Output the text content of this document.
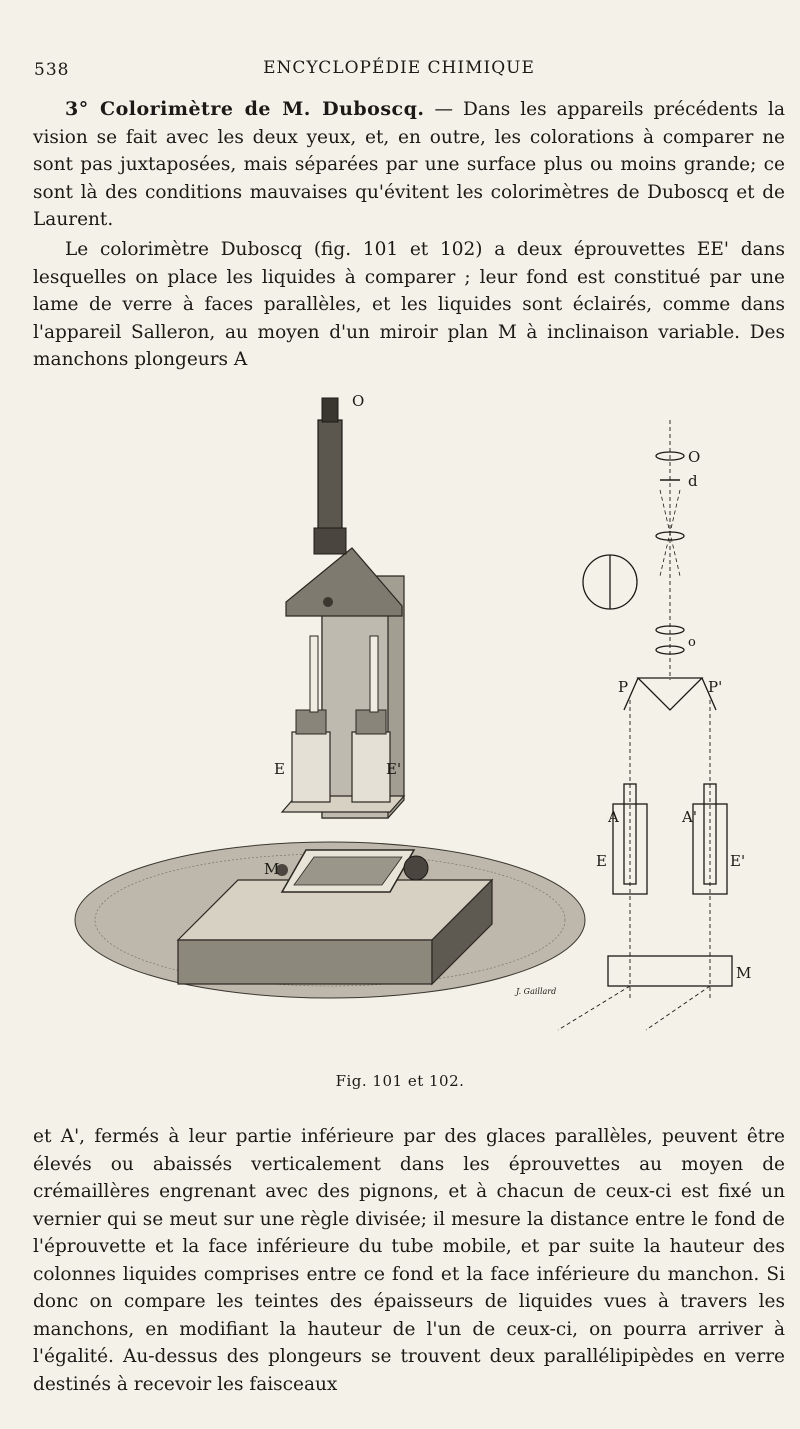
538	ENCYCLOPÉDIE CHIMIQUE
3° Colorimètre de M. Duboscq. — Dans les appareils précédents la vision se fait avec les deux yeux, et, en outre, les colorations à comparer ne sont pas juxtaposées, mais séparées par une surface plus ou moins grande; ce sont là des conditions mauvaises qu'évitent les colorimètres de Duboscq et de Laurent.
Le colorimètre Duboscq (fig. 101 et 102) a deux éprouvettes EE' dans lesquelles on place les liquides à comparer ; leur fond est constitué par une lame de verre à faces parallèles, et les liquides sont éclairés, comme dans l'appareil Salleron, au moyen d'un miroir plan M à inclinaison variable. Des manchons plongeurs A
O
E	E'
M
J. Gaillard
O
d
o
P	P'
A	A'
E	E'
M
Fig. 101 et 102.
et A', fermés à leur partie inférieure par des glaces parallèles, peuvent être élevés ou abaissés verticalement dans les éprouvettes au moyen de crémaillères engrenant avec des pignons, et à chacun de ceux-ci est fixé un vernier qui se meut sur une règle divisée; il mesure la distance entre le fond de l'éprouvette et la face inférieure du tube mobile, et par suite la hauteur des colonnes liquides comprises entre ce fond et la face inférieure du manchon. Si donc on compare les teintes des épaisseurs de liquides vues à travers les manchons, en modifiant la hauteur de l'un de ceux-ci, on pourra arriver à l'égalité. Au-dessus des plongeurs se trouvent deux parallélipipèdes en verre destinés à recevoir les faisceaux
